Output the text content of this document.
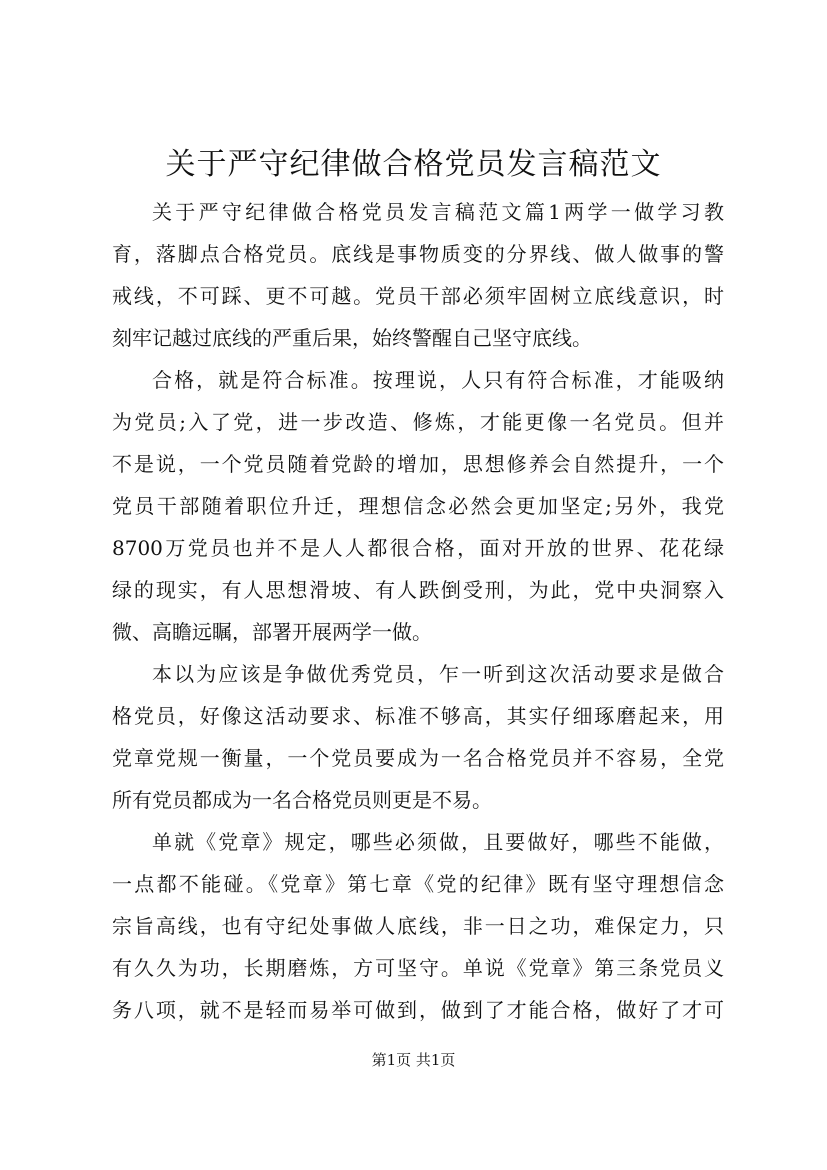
关于严守纪律做合格党员发言稿范文
关于严守纪律做合格党员发言稿范文篇1两学一做学习教
育，落脚点合格党员。底线是事物质变的分界线、做人做事的警
戒线，不可踩、更不可越。党员干部必须牢固树立底线意识，时
刻牢记越过底线的严重后果，始终警醒自己坚守底线。
合格，就是符合标准。按理说，人只有符合标准，才能吸纳
为党员;入了党，进一步改造、修炼，才能更像一名党员。但并
不是说，一个党员随着党龄的增加，思想修养会自然提升，一个
党员干部随着职位升迁，理想信念必然会更加坚定;另外，我党
8700万党员也并不是人人都很合格，面对开放的世界、花花绿
绿的现实，有人思想滑坡、有人跌倒受刑，为此，党中央洞察入
微、高瞻远瞩，部署开展两学一做。
本以为应该是争做优秀党员，乍一听到这次活动要求是做合
格党员，好像这活动要求、标准不够高，其实仔细琢磨起来，用
党章党规一衡量，一个党员要成为一名合格党员并不容易，全党
所有党员都成为一名合格党员则更是不易。
单就《党章》规定，哪些必须做，且要做好，哪些不能做，
一点都不能碰。《党章》第七章《党的纪律》既有坚守理想信念
宗旨高线，也有守纪处事做人底线，非一日之功，难保定力，只
有久久为功，长期磨炼，方可坚守。单说《党章》第三条党员义
务八项，就不是轻而易举可做到，做到了才能合格，做好了才可
第1页 共1页
